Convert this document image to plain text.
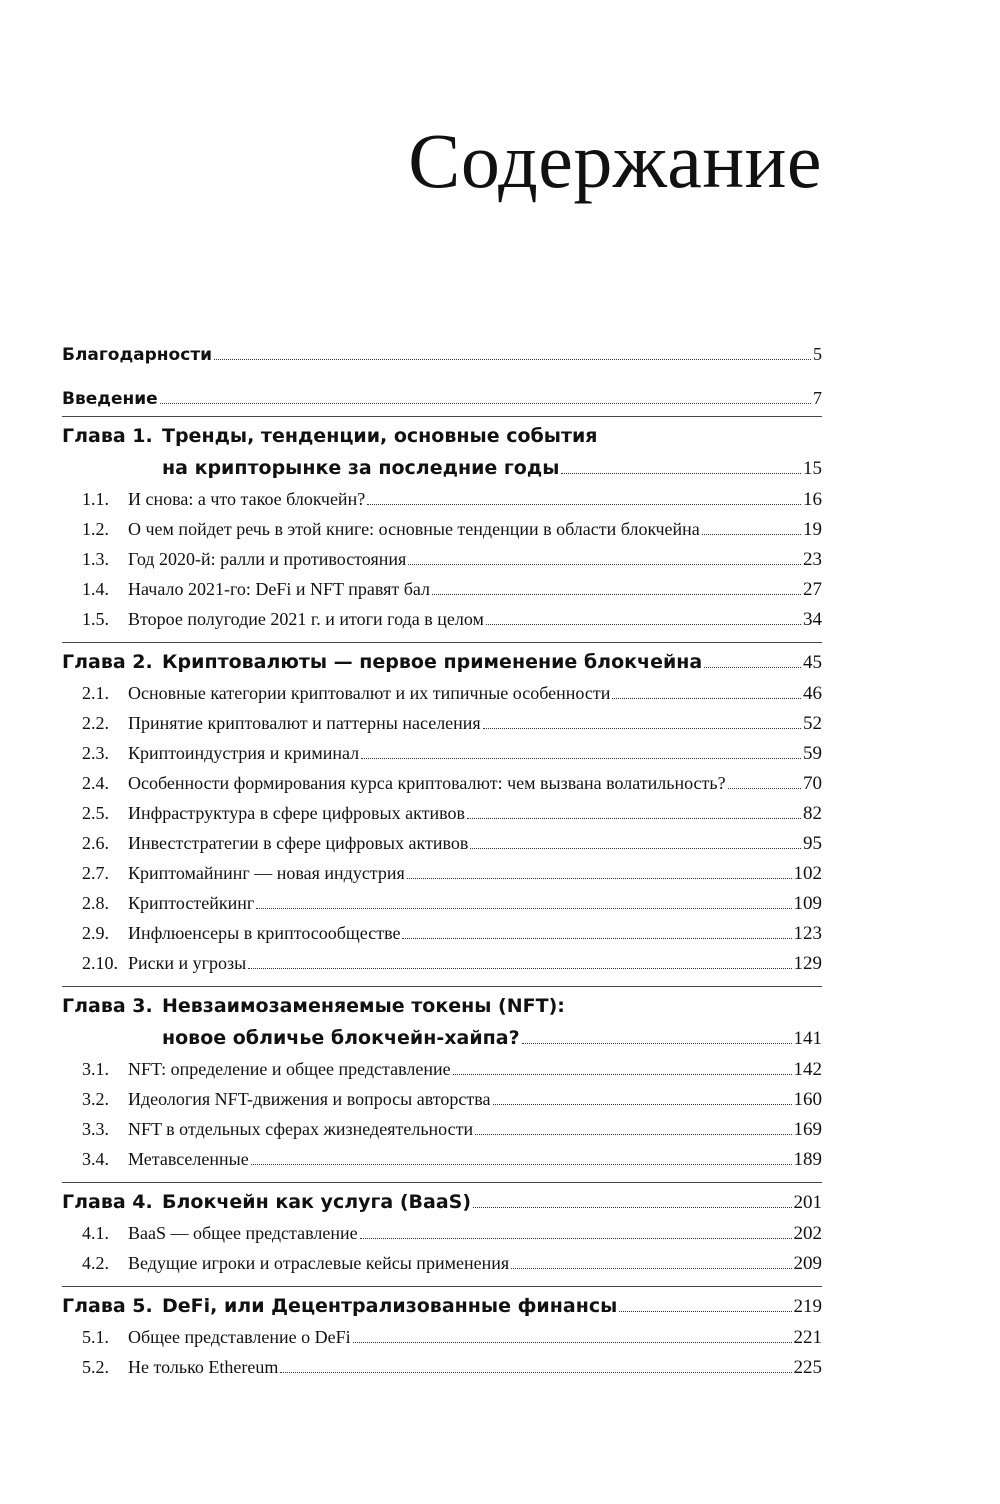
Содержание
Благодарности	5
Введение	7
Глава 1. Тренды, тенденции, основные события
на крипторынке за последние годы	15
1.1.	И снова: а что такое блокчейн?	16
1.2.	О чем пойдет речь в этой книге: основные тенденции в области блокчейна	19
1.3.	Год 2020-й: ралли и противостояния	23
1.4.	Начало 2021-го: DeFi и NFT правят бал	27
1.5.	Второе полугодие 2021 г. и итоги года в целом	34
Глава 2. Криптовалюты — первое применение блокчейна	45
2.1.	Основные категории криптовалют и их типичные особенности	46
2.2.	Принятие криптовалют и паттерны населения	52
2.3.	Криптоиндустрия и криминал	59
2.4.	Особенности формирования курса криптовалют: чем вызвана волатильность?	70
2.5.	Инфраструктура в сфере цифровых активов	82
2.6.	Инвестстратегии в сфере цифровых активов	95
2.7.	Криптомайнинг — новая индустрия	102
2.8.	Криптостейкинг	109
2.9.	Инфлюенсеры в криптосообществе	123
2.10. Риски и угрозы	129
Глава 3. Невзаимозаменяемые токены (NFT):
новое обличье блокчейн-хайпа?	141
3.1.	NFT: определение и общее представление	142
3.2.	Идеология NFT-движения и вопросы авторства	160
3.3.	NFT в отдельных сферах жизнедеятельности	169
3.4.	Метавселенные	189
Глава 4. Блокчейн как услуга (BaaS)	201
4.1.	BaaS — общее представление	202
4.2.	Ведущие игроки и отраслевые кейсы применения	209
Глава 5. DeFi, или Децентрализованные финансы	219
5.1.	Общее представление о DeFi	221
5.2.	Не только Ethereum	225
